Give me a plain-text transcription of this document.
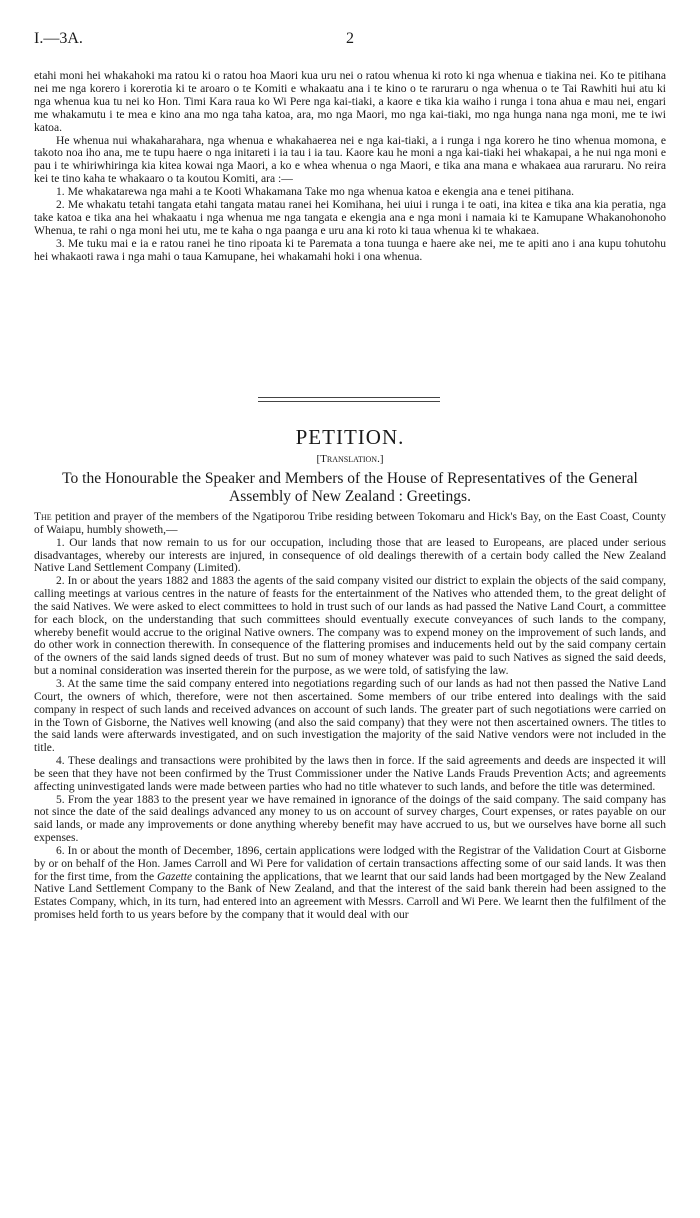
I.—3A.	2

etahi moni hei whakahoki ma ratou ki o ratou hoa Maori kua uru nei o ratou whenua ki roto ki nga whenua e tiakina nei. Ko te pitihana nei me nga korero i korerotia ki te aroaro o te Komiti e whakaatu ana i te kino o te raruraru o nga whenua o te Tai Rawhiti hui atu ki nga whenua kua tu nei ko Hon. Timi Kara raua ko Wi Pere nga kai-tiaki, a kaore e tika kia waiho i runga i tona ahua e mau nei, engari me whakamutu i te mea e kino ana mo nga taha katoa, ara, mo nga Maori, mo nga kai-tiaki, mo nga hunga nana nga moni, me te iwi katoa.

He whenua nui whakaharahara, nga whenua e whakahaerea nei e nga kai-tiaki, a i runga i nga korero he tino whenua momona, e takoto noa iho ana, me te tupu haere o nga initareti i ia tau i ia tau. Kaore kau he moni a nga kai-tiaki hei whakapai, a he nui nga moni e pau i te whiriwhiringa kia kitea kowai nga Maori, a ko e whea whenua o nga Maori, e tika ana mana e whakaea aua raruraru. No reira kei te tino kaha te whakaaro o ta koutou Komiti, ara :—

1. Me whakatarewa nga mahi a te Kooti Whakamana Take mo nga whenua katoa e ekengia ana e tenei pitihana.

2. Me whakatu tetahi tangata etahi tangata matau ranei hei Komihana, hei uiui i runga i te oati, ina kitea e tika ana kia peratia, nga take katoa e tika ana hei whakaatu i nga whenua me nga tangata e ekengia ana e nga moni i namaia ki te Kamupane Whakanohonoho Whenua, te rahi o nga moni hei utu, me te kaha o nga paanga e uru ana ki roto ki taua whenua ki te whakaea.

3. Me tuku mai e ia e ratou ranei he tino ripoata ki te Paremata a tona tuunga e haere ake nei, me te apiti ano i ana kupu tohutohu hei whakaoti rawa i nga mahi o taua Kamupane, hei whakamahi hoki i ona whenua.

PETITION.
[Translation.]
To the Honourable the Speaker and Members of the House of Representatives of the General Assembly of New Zealand : Greetings.

The petition and prayer of the members of the Ngatiporou Tribe residing between Tokomaru and Hick's Bay, on the East Coast, County of Waiapu, humbly showeth,—

1. Our lands that now remain to us for our occupation, including those that are leased to Europeans, are placed under serious disadvantages, whereby our interests are injured, in consequence of old dealings therewith of a certain body called the New Zealand Native Land Settlement Company (Limited).

2. In or about the years 1882 and 1883 the agents of the said company visited our district to explain the objects of the said company, calling meetings at various centres in the nature of feasts for the entertainment of the Natives who attended them, to the great delight of the said Natives. We were asked to elect committees to hold in trust such of our lands as had passed the Native Land Court, a committee for each block, on the understanding that such committees should eventually execute conveyances of such lands to the company, whereby benefit would accrue to the original Native owners. The company was to expend money on the improvement of such lands, and do other work in connection therewith. In consequence of the flattering promises and inducements held out by the said company certain of the owners of the said lands signed deeds of trust. But no sum of money whatever was paid to such Natives as signed the said deeds, but a nominal consideration was inserted therein for the purpose, as we were told, of satisfying the law.

3. At the same time the said company entered into negotiations regarding such of our lands as had not then passed the Native Land Court, the owners of which, therefore, were not then ascertained. Some members of our tribe entered into dealings with the said company in respect of such lands and received advances on account of such lands. The greater part of such negotiations were carried on in the Town of Gisborne, the Natives well knowing (and also the said company) that they were not then ascertained owners. The titles to the said lands were afterwards investigated, and on such investigation the majority of the said Native vendors were not included in the title.

4. These dealings and transactions were prohibited by the laws then in force. If the said agreements and deeds are inspected it will be seen that they have not been confirmed by the Trust Commissioner under the Native Lands Frauds Prevention Acts; and agreements affecting uninvestigated lands were made between parties who had no title whatever to such lands, and before the title was determined.

5. From the year 1883 to the present year we have remained in ignorance of the doings of the said company. The said company has not since the date of the said dealings advanced any money to us on account of survey charges, Court expenses, or rates payable on our said lands, or made any improvements or done anything whereby benefit may have accrued to us, but we ourselves have borne all such expenses.

6. In or about the month of December, 1896, certain applications were lodged with the Registrar of the Validation Court at Gisborne by or on behalf of the Hon. James Carroll and Wi Pere for validation of certain transactions affecting some of our said lands. It was then for the first time, from the Gazette containing the applications, that we learnt that our said lands had been mortgaged by the New Zealand Native Land Settlement Company to the Bank of New Zealand, and that the interest of the said bank therein had been assigned to the Estates Company, which, in its turn, had entered into an agreement with Messrs. Carroll and Wi Pere. We learnt then the fulfilment of the promises held forth to us years before by the company that it would deal with our
